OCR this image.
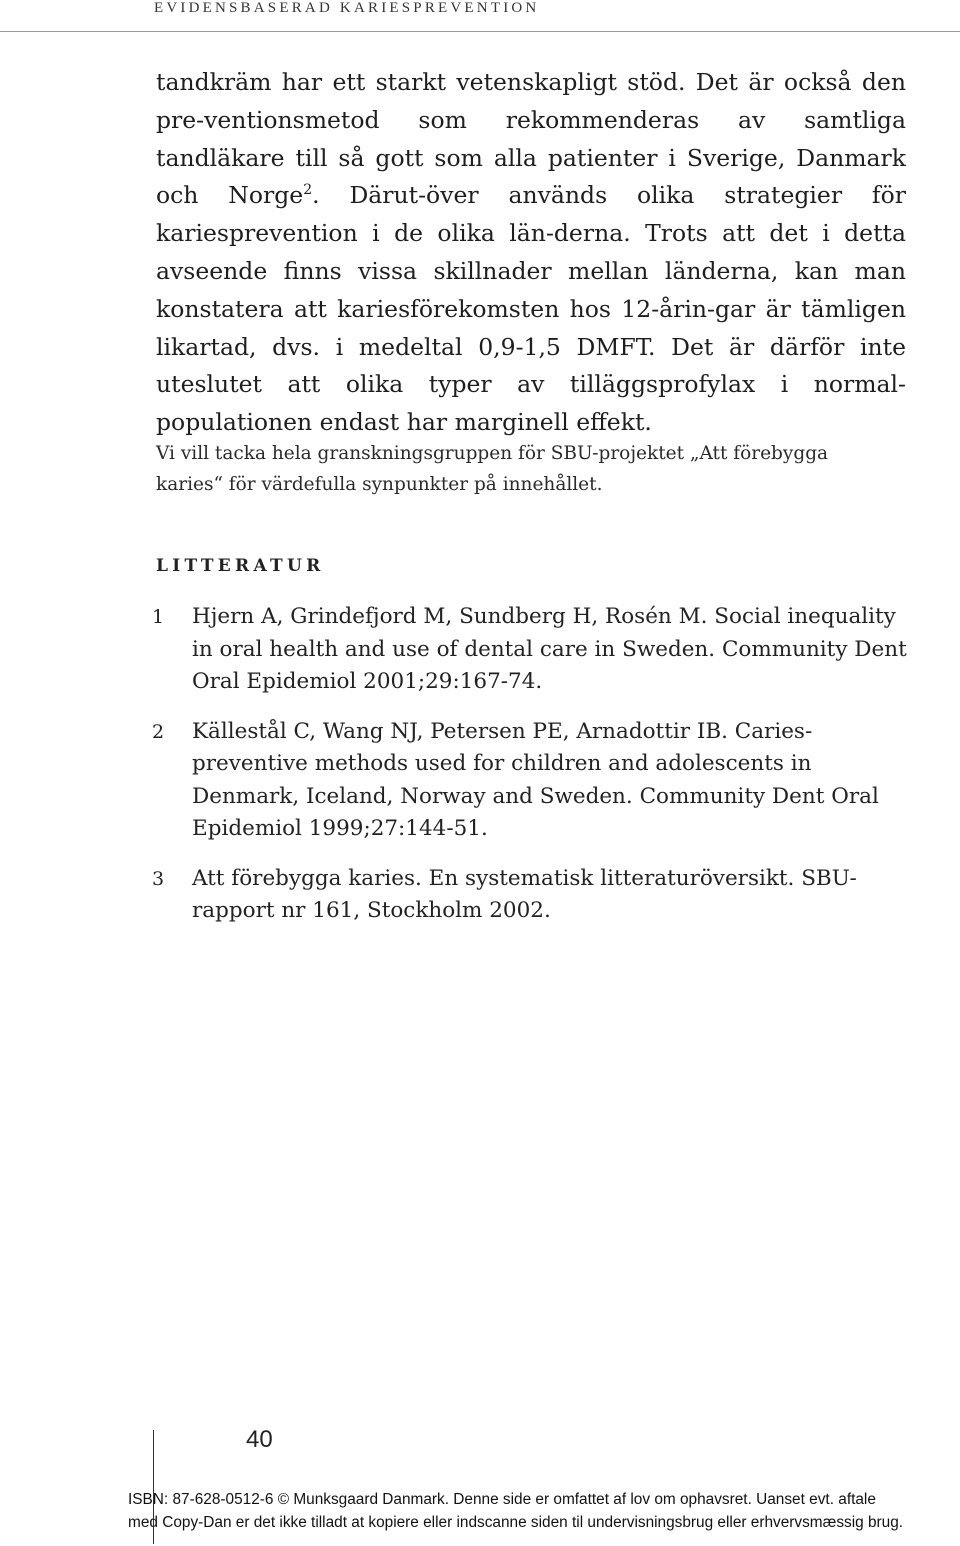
EVIDENSBASERAD KARIESPREVENTION

tandkräm har ett starkt vetenskapligt stöd. Det är också den pre-ventionsmetod som rekommenderas av samtliga tandläkare till så gott som alla patienter i Sverige, Danmark och Norge$^2$. Därut-över används olika strategier för kariesprevention i de olika län-derna. Trots att det i detta avseende finns vissa skillnader mellan länderna, kan man konstatera att kariesförekomsten hos 12-årin-gar är tämligen likartad, dvs. i medeltal 0,9-1,5 DMFT. Det är därför inte uteslutet att olika typer av tilläggsprofylax i normal-populationen endast har marginell effekt.

Vi vill tacka hela granskningsgruppen för SBU-projektet „Att förebygga karies“ för värdefulla synpunkter på innehållet.

LITTERATUR
1 Hjern A, Grindefjord M, Sundberg H, Rosén M. Social inequality in oral health and use of dental care in Sweden. Community Dent Oral Epidemiol 2001;29:167-74.
2 Källestål C, Wang NJ, Petersen PE, Arnadottir IB. Caries-preventive methods used for children and adolescents in Denmark, Iceland, Norway and Sweden. Community Dent Oral Epidemiol 1999;27:144-51.
3 Att förebygga karies. En systematisk litteraturöversikt. SBU-rapport nr 161, Stockholm 2002.
40

ISBN: 87-628-0512-6 © Munksgaard Danmark. Denne side er omfattet af lov om ophavsret. Uanset evt. aftale
med Copy-Dan er det ikke tilladt at kopiere eller indscanne siden til undervisningsbrug eller erhvervsmæssig brug.
